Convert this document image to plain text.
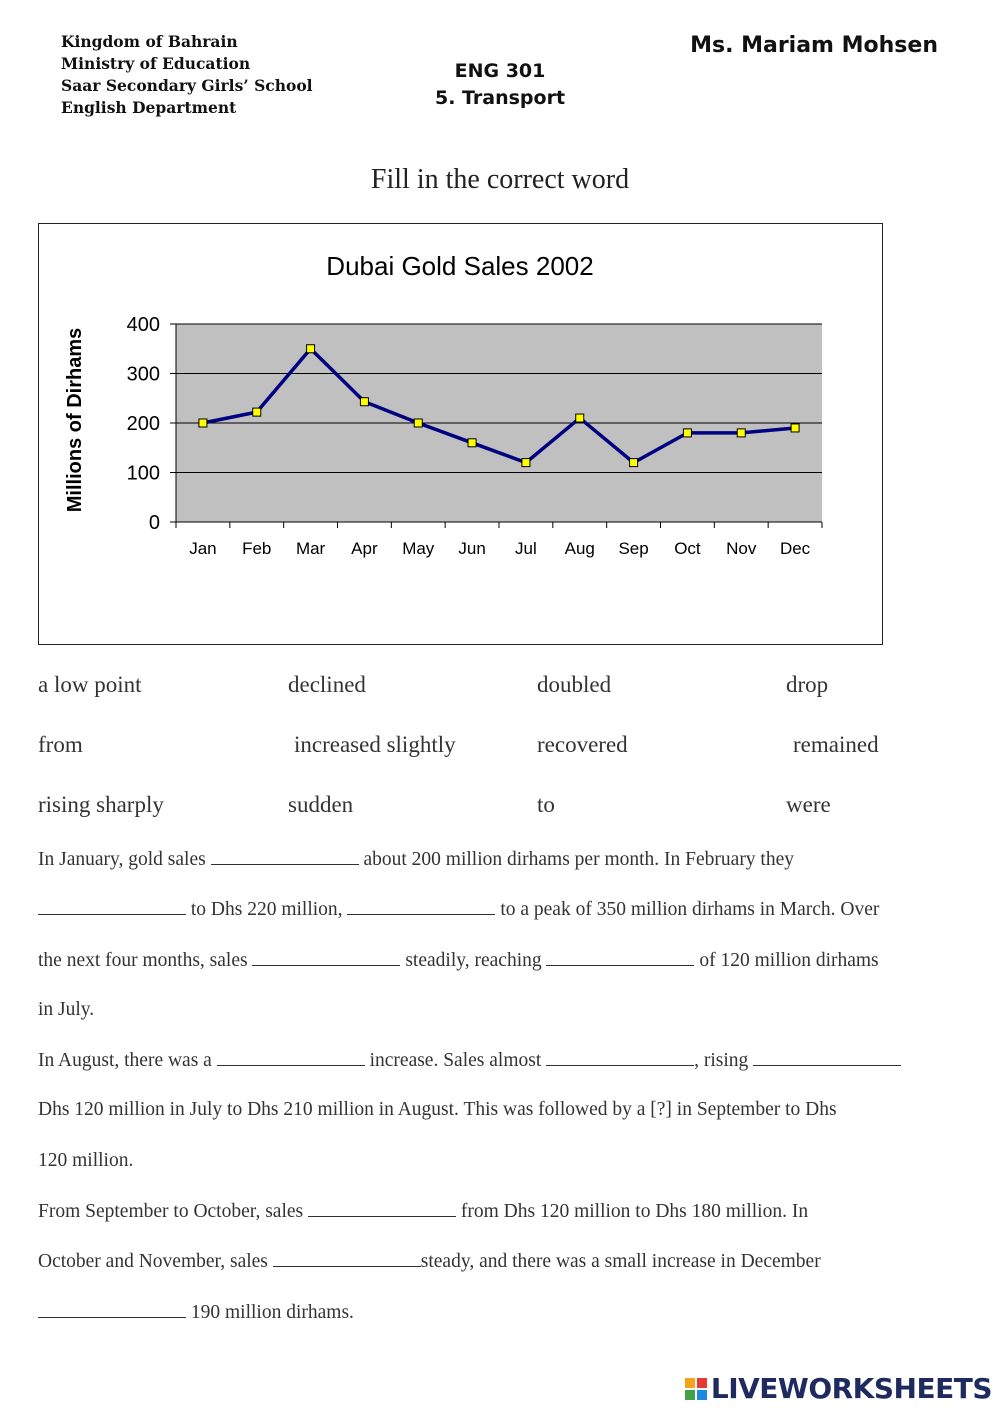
Kingdom of Bahrain
Ministry of Education
Saar Secondary Girls’ School
English Department
ENG 301
5. Transport
Ms. Mariam Mohsen
Fill in the correct word
Dubai Gold Sales 2002
Millions of Dirhams
0
100
200
300
400
Jan Feb Mar Apr May Jun Jul Aug Sep Oct Nov Dec
a low point	declined	doubled	drop
from	increased slightly	recovered	remained
rising sharply	sudden	to	were
In January, gold sales	about 200 million dirhams per month. In February they
to Dhs 220 million,	to a peak of 350 million dirhams in March. Over
the next four months, sales	steadily, reaching	of 120 million dirhams
in July.
In August, there was a	increase. Sales almost	, rising
Dhs 120 million in July to Dhs 210 million in August. This was followed by a [?] in September to Dhs
120 million.
From September to October, sales	from Dhs 120 million to Dhs 180 million. In
October and November, sales	steady, and there was a small increase in December
190 million dirhams.
LIVEWORKSHEETS
